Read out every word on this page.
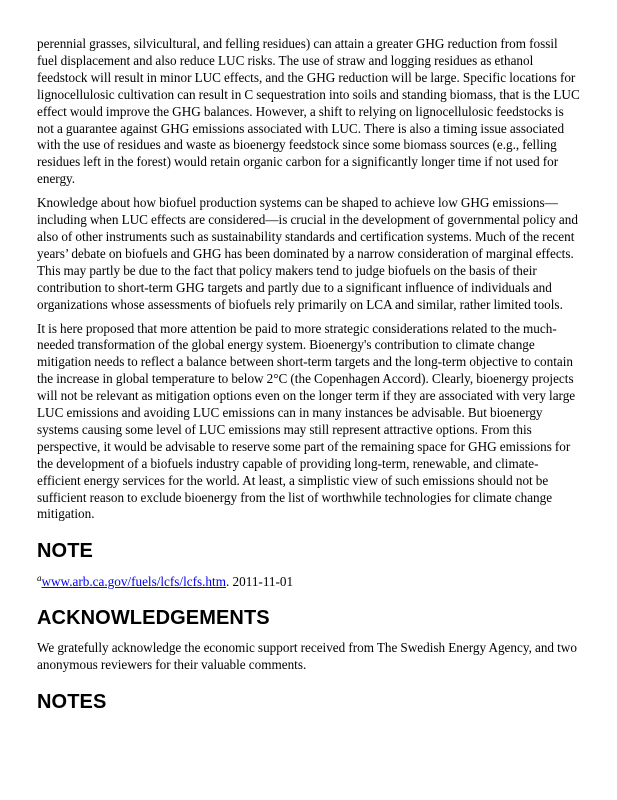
perennial grasses, silvicultural, and felling residues) can attain a greater GHG reduction from fossil fuel displacement and also reduce LUC risks. The use of straw and logging residues as ethanol feedstock will result in minor LUC effects, and the GHG reduction will be large. Specific locations for lignocellulosic cultivation can result in C sequestration into soils and standing biomass, that is the LUC effect would improve the GHG balances. However, a shift to relying on lignocellulosic feedstocks is not a guarantee against GHG emissions associated with LUC. There is also a timing issue associated with the use of residues and waste as bioenergy feedstock since some biomass sources (e.g., felling residues left in the forest) would retain organic carbon for a significantly longer time if not used for energy.

Knowledge about how biofuel production systems can be shaped to achieve low GHG emissions—including when LUC effects are considered—is crucial in the development of governmental policy and also of other instruments such as sustainability standards and certification systems. Much of the recent years’ debate on biofuels and GHG has been dominated by a narrow consideration of marginal effects. This may partly be due to the fact that policy makers tend to judge biofuels on the basis of their contribution to short-term GHG targets and partly due to a significant influence of individuals and organizations whose assessments of biofuels rely primarily on LCA and similar, rather limited tools.

It is here proposed that more attention be paid to more strategic considerations related to the much-needed transformation of the global energy system. Bioenergy's contribution to climate change mitigation needs to reflect a balance between short-term targets and the long-term objective to contain the increase in global temperature to below 2°C (the Copenhagen Accord). Clearly, bioenergy projects will not be relevant as mitigation options even on the longer term if they are associated with very large LUC emissions and avoiding LUC emissions can in many instances be advisable. But bioenergy systems causing some level of LUC emissions may still represent attractive options. From this perspective, it would be advisable to reserve some part of the remaining space for GHG emissions for the development of a biofuels industry capable of providing long-term, renewable, and climate-efficient energy services for the world. At least, a simplistic view of such emissions should not be sufficient reason to exclude bioenergy from the list of worthwhile technologies for climate change mitigation.

NOTE
$^a$www.arb.ca.gov/fuels/lcfs/lcfs.htm. 2011-11-01
ACKNOWLEDGEMENTS

We gratefully acknowledge the economic support received from The Swedish Energy Agency, and two anonymous reviewers for their valuable comments.

NOTES
